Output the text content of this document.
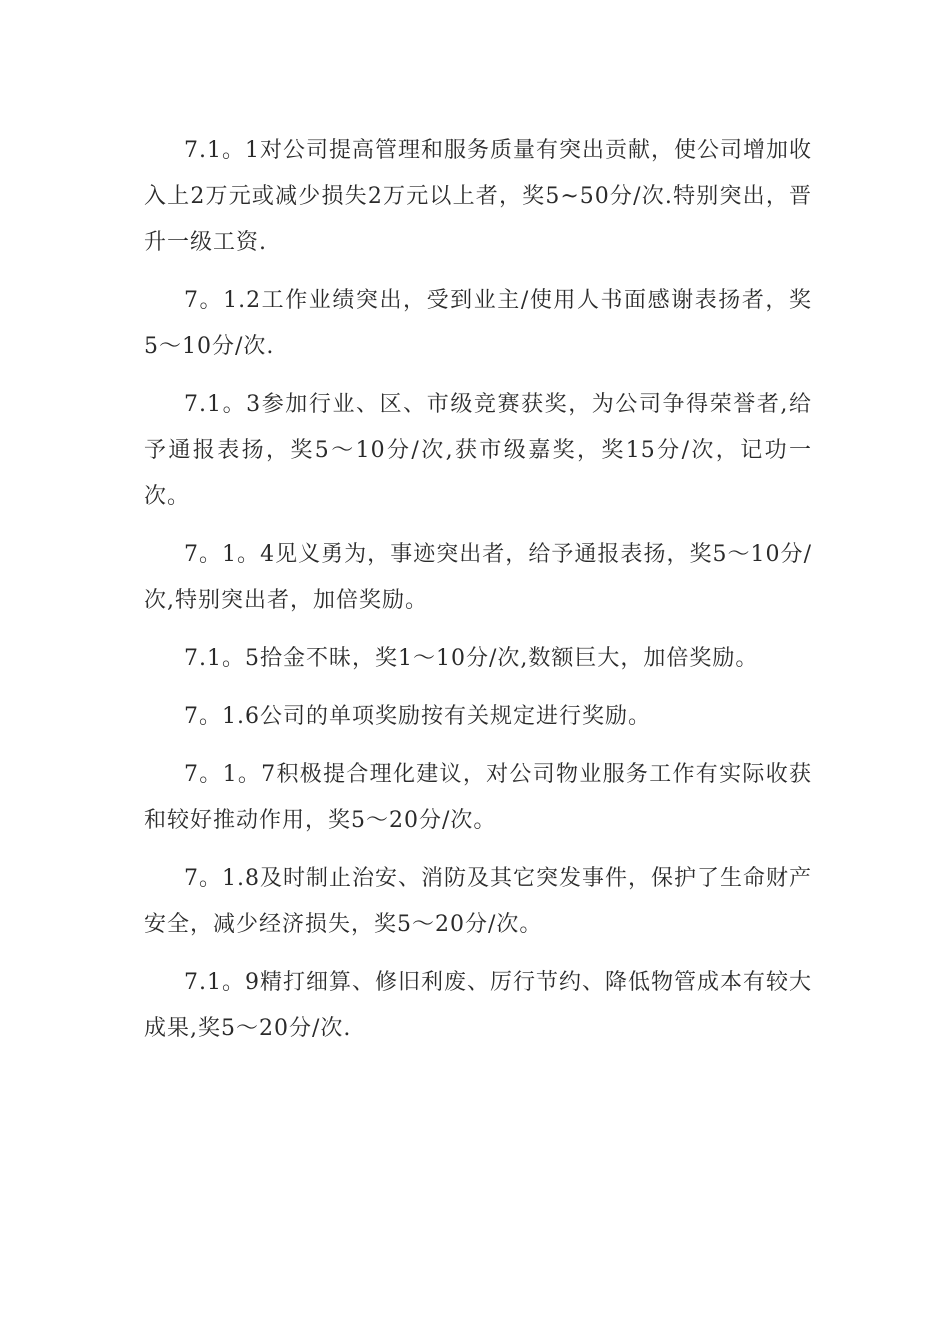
7.1。1对公司提高管理和服务质量有突出贡献，使公司增加收入上2万元或减少损失2万元以上者，奖5~50分/次.特别突出，晋升一级工资.

7。1.2工作业绩突出，受到业主/使用人书面感谢表扬者，奖5～10分/次.

7.1。3参加行业、区、市级竞赛获奖，为公司争得荣誉者,给予通报表扬，奖5～10分/次,获市级嘉奖，奖15分/次，记功一次。

7。1。4见义勇为，事迹突出者，给予通报表扬，奖5～10分/次,特别突出者，加倍奖励。

7.1。5拾金不昧，奖1～10分/次,数额巨大，加倍奖励。

7。1.6公司的单项奖励按有关规定进行奖励。

7。1。7积极提合理化建议，对公司物业服务工作有实际收获和较好推动作用，奖5～20分/次。

7。1.8及时制止治安、消防及其它突发事件，保护了生命财产安全，减少经济损失，奖5～20分/次。

7.1。9精打细算、修旧利废、厉行节约、降低物管成本有较大成果,奖5～20分/次.
